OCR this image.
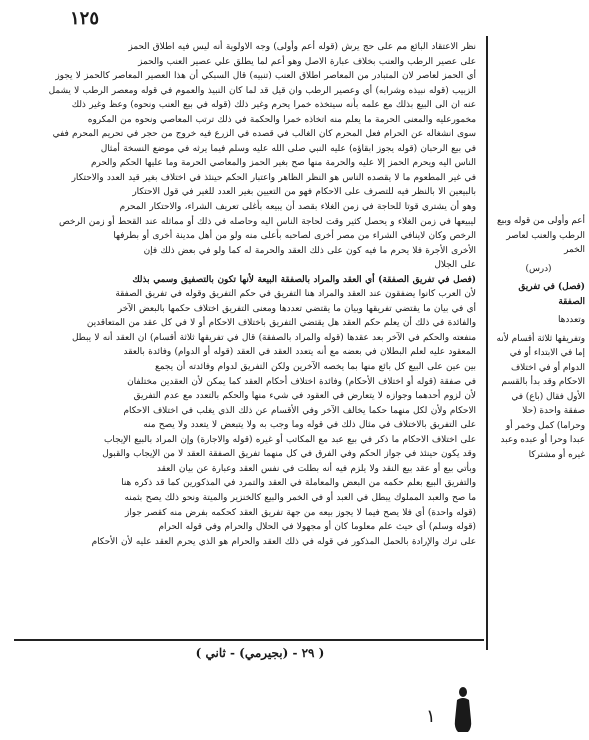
١٢٥

نظر الاعتقاد البائع مم على حج يرش (قوله أعم وأولى) وجه الاولوية أنه ليس فيه اطلاق الحمز

على عصير الرطب والعنب بخلاف عبارة الاصل وهو أعم لما يطلق علي عصير العنب والحمز

أي الحمز لعاصر لان المتبادر من المعاصر اطلاق العنب (تنبيه) قال السبكي أن هذا العصير المعاصر كالحمز لا يجوز

الزبيب (قوله نبيذه وشرابه) أي وعصير الرطب وان قيل قد لما كان النبيذ والعموم في قوله ومعصر الرطب لا يشمل

عنه ان الى البيع بذلك مع علمه بأنه سيتخذه خمرا يحرم وغير ذلك (قوله في بيع العنب ونحوه) وعظ وغير ذلك

مخمورعليه والمعنى الحرمة ما يعلم منه اتخاذه خمرا والحكمة في ذلك ترتب المعاصي ونحوه من المكروه

سوى انشغاله عن الحرام فعل المحرم كان الغالب في قصده في الزرع فيه خروج من حجر في تحريم المحرم ففي

في بيع الرحبان (قوله يجوز ابقاؤه) عليه النبي صلى الله عليه وسلم فيما يرثه في موضع النسخة أمثال

الناس اليه ويحرم الحمز إلا عليه والحرمة منها صح بغير الحمز والمعاصي الحرمة وما عليها الحكم والحرم

في غير المطعوم ما لا يقصده الناس هو النظر الظاهر واعتبار الحكم حينئذ في اختلاف بغير قيد العدد والاحتكار

بالبيعين الا بالنظر فيه للتصرف على الاحكام فهو من التعيين بغير العدد للغير في قول الاحتكار

وهو أن يشتري قوتا للحاجة في زمن الغلاء بقصد أن يبيعه بأغلى تعريف الشراء، والاحتكار المحرم

ليبيعها في زمن الغلاء و يحصل كثير وقت لحاجة الناس اليه وحاصله في ذلك أو مماثله عند القحط أو زمن الرخص

الرخص وكان لاينافي الشراء من مصر أخرى لصاحبه بأعلى منه ولو من أهل مدينة أخرى أو بطرفها

الأخرى الأجرة فلا يحرم ما فيه كون على ذلك العقد والحرمة له كما ولو في بعض ذلك فإن

على الجلال

(فصل في تفريق الصفقة) أي العقد والمراد بالصفقة البيعة لأنها تكون بالتصفيق وسمي بذلك

لأن العرب كانوا يضفقون عند العقد والمراد هنا التفريق في حكم التفريق وقوله في تفريق الصفقة

أي في بيان ما يقتضي تفريقها وبيان ما يقتضي تعددها ومعنى التفريق اختلاف حكمها بالبعض الآخر

والفائدة في ذلك أن يعلم حكم العقد هل يقتضي التفريق باختلاف الاحكام أو لا في كل عقد من المتعاقدين

منفعته والحكم في الآخر بعد عقدها (قوله والمراد بالصفقة) قال في تفريقها ثلاثة أقسام) ان العقد أنه لا يبطل

المعقود عليه لعلم البطلان في بعضه مع أنه يتعدد العقد في العقد (قوله أو الدوام) وفائدة بالعقد

بين عين على البيع كل بائع منها بما يخصه الآخرين ولكن التفريق لدوام وفائدته أن يجمع

في صفقة (قوله أو اختلاف الأحكام) وفائدة اختلاف أحكام العقد كما يمكن لأن العقدين مختلفان

لأن لزوم أحدهما وجوازه لا يتعارض في العقود في شيء منها والحكم بالتعدد مع عدم التفريق

الاحكام ولأن لكل منهما حكما يخالف الآخر وفي الأقسام عن ذلك الذي يغلب في اختلاف الاحكام

على التفريق بالاختلاف في مثال ذلك في قوله وما وجب به ولا يتبعض لا يتعدد ولا يصح منه

على اختلاف الاحكام ما ذكر في بيع عبد مع المكاتب أو غيره (قوله والاجارة) وإن المراد بالبيع الإيجاب

وقد يكون حينئذ في جواز الحكم وفي الفرق في كل منهما تفريق الصفقة العقد لا من الإيجاب والقبول

وبأتي بيع أو عقد بيع النقد ولا يلزم فيه أنه بطلت في نفس العقد وعبارة عن بيان العقد

والتفريق البيع بعلم حكمه من البعض والمعاملة في العقد والتمرد في المذكورين كما قد ذكره هنا

ما صح والعبد المملوك يبطل في العبد أو في الخمر والبيع كالخنزير والميتة ونحو ذلك يصح بثمنه

(قوله واحدة) أي فلا يصح فيما لا يجوز بيعه من جهة تفريق العقد كحكمه بفرض منه كقصر جواز

(قوله وسلم) أي حيث علم معلوما كان أو مجهولا في الحلال والحرام وفي قوله الحرام

على ترك والإرادة بالحمل المذكور في قوله في ذلك العقد والحرام هو الذي يحرم العقد عليه لأن الأحكام

( ٢٩ - (بجيرمي) - ثاني )

أعم وأولى من قوله وبيع الرطب والعنب لعاصر الخمر

(درس)

(فصل) في تفريق الصفقة

وتعددها

وتفريقها ثلاثة أقسام لأنه إما في الابتداء أو في الدوام أو في اختلاف الاحكام وقد بدأ بالقسم الأول فقال (باع) في صفقة واحدة (حلا وحراما) كمل وخمر أو عبدا وحرا أو عبده وعبد غيره أو مشتركا

١
